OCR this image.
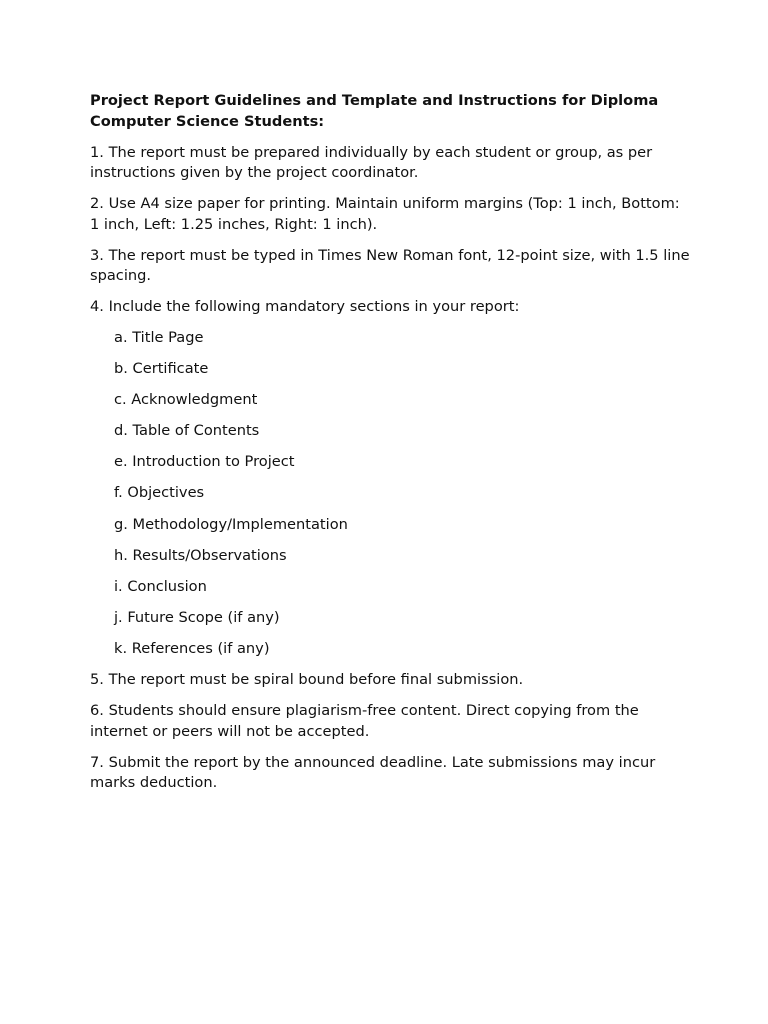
Project Report Guidelines and Template and Instructions for Diploma Computer Science Students:
1. The report must be prepared individually by each student or group, as per instructions given by the project coordinator.
2. Use A4 size paper for printing. Maintain uniform margins (Top: 1 inch, Bottom: 1 inch, Left: 1.25 inches, Right: 1 inch).
3. The report must be typed in Times New Roman font, 12-point size, with 1.5 line spacing.
4. Include the following mandatory sections in your report:
a. Title Page
b. Certificate
c. Acknowledgment
d. Table of Contents
e. Introduction to Project
f. Objectives
g. Methodology/Implementation
h. Results/Observations
i. Conclusion
j. Future Scope (if any)
k. References (if any)
5. The report must be spiral bound before final submission.
6. Students should ensure plagiarism-free content. Direct copying from the internet or peers will not be accepted.
7. Submit the report by the announced deadline. Late submissions may incur marks deduction.
